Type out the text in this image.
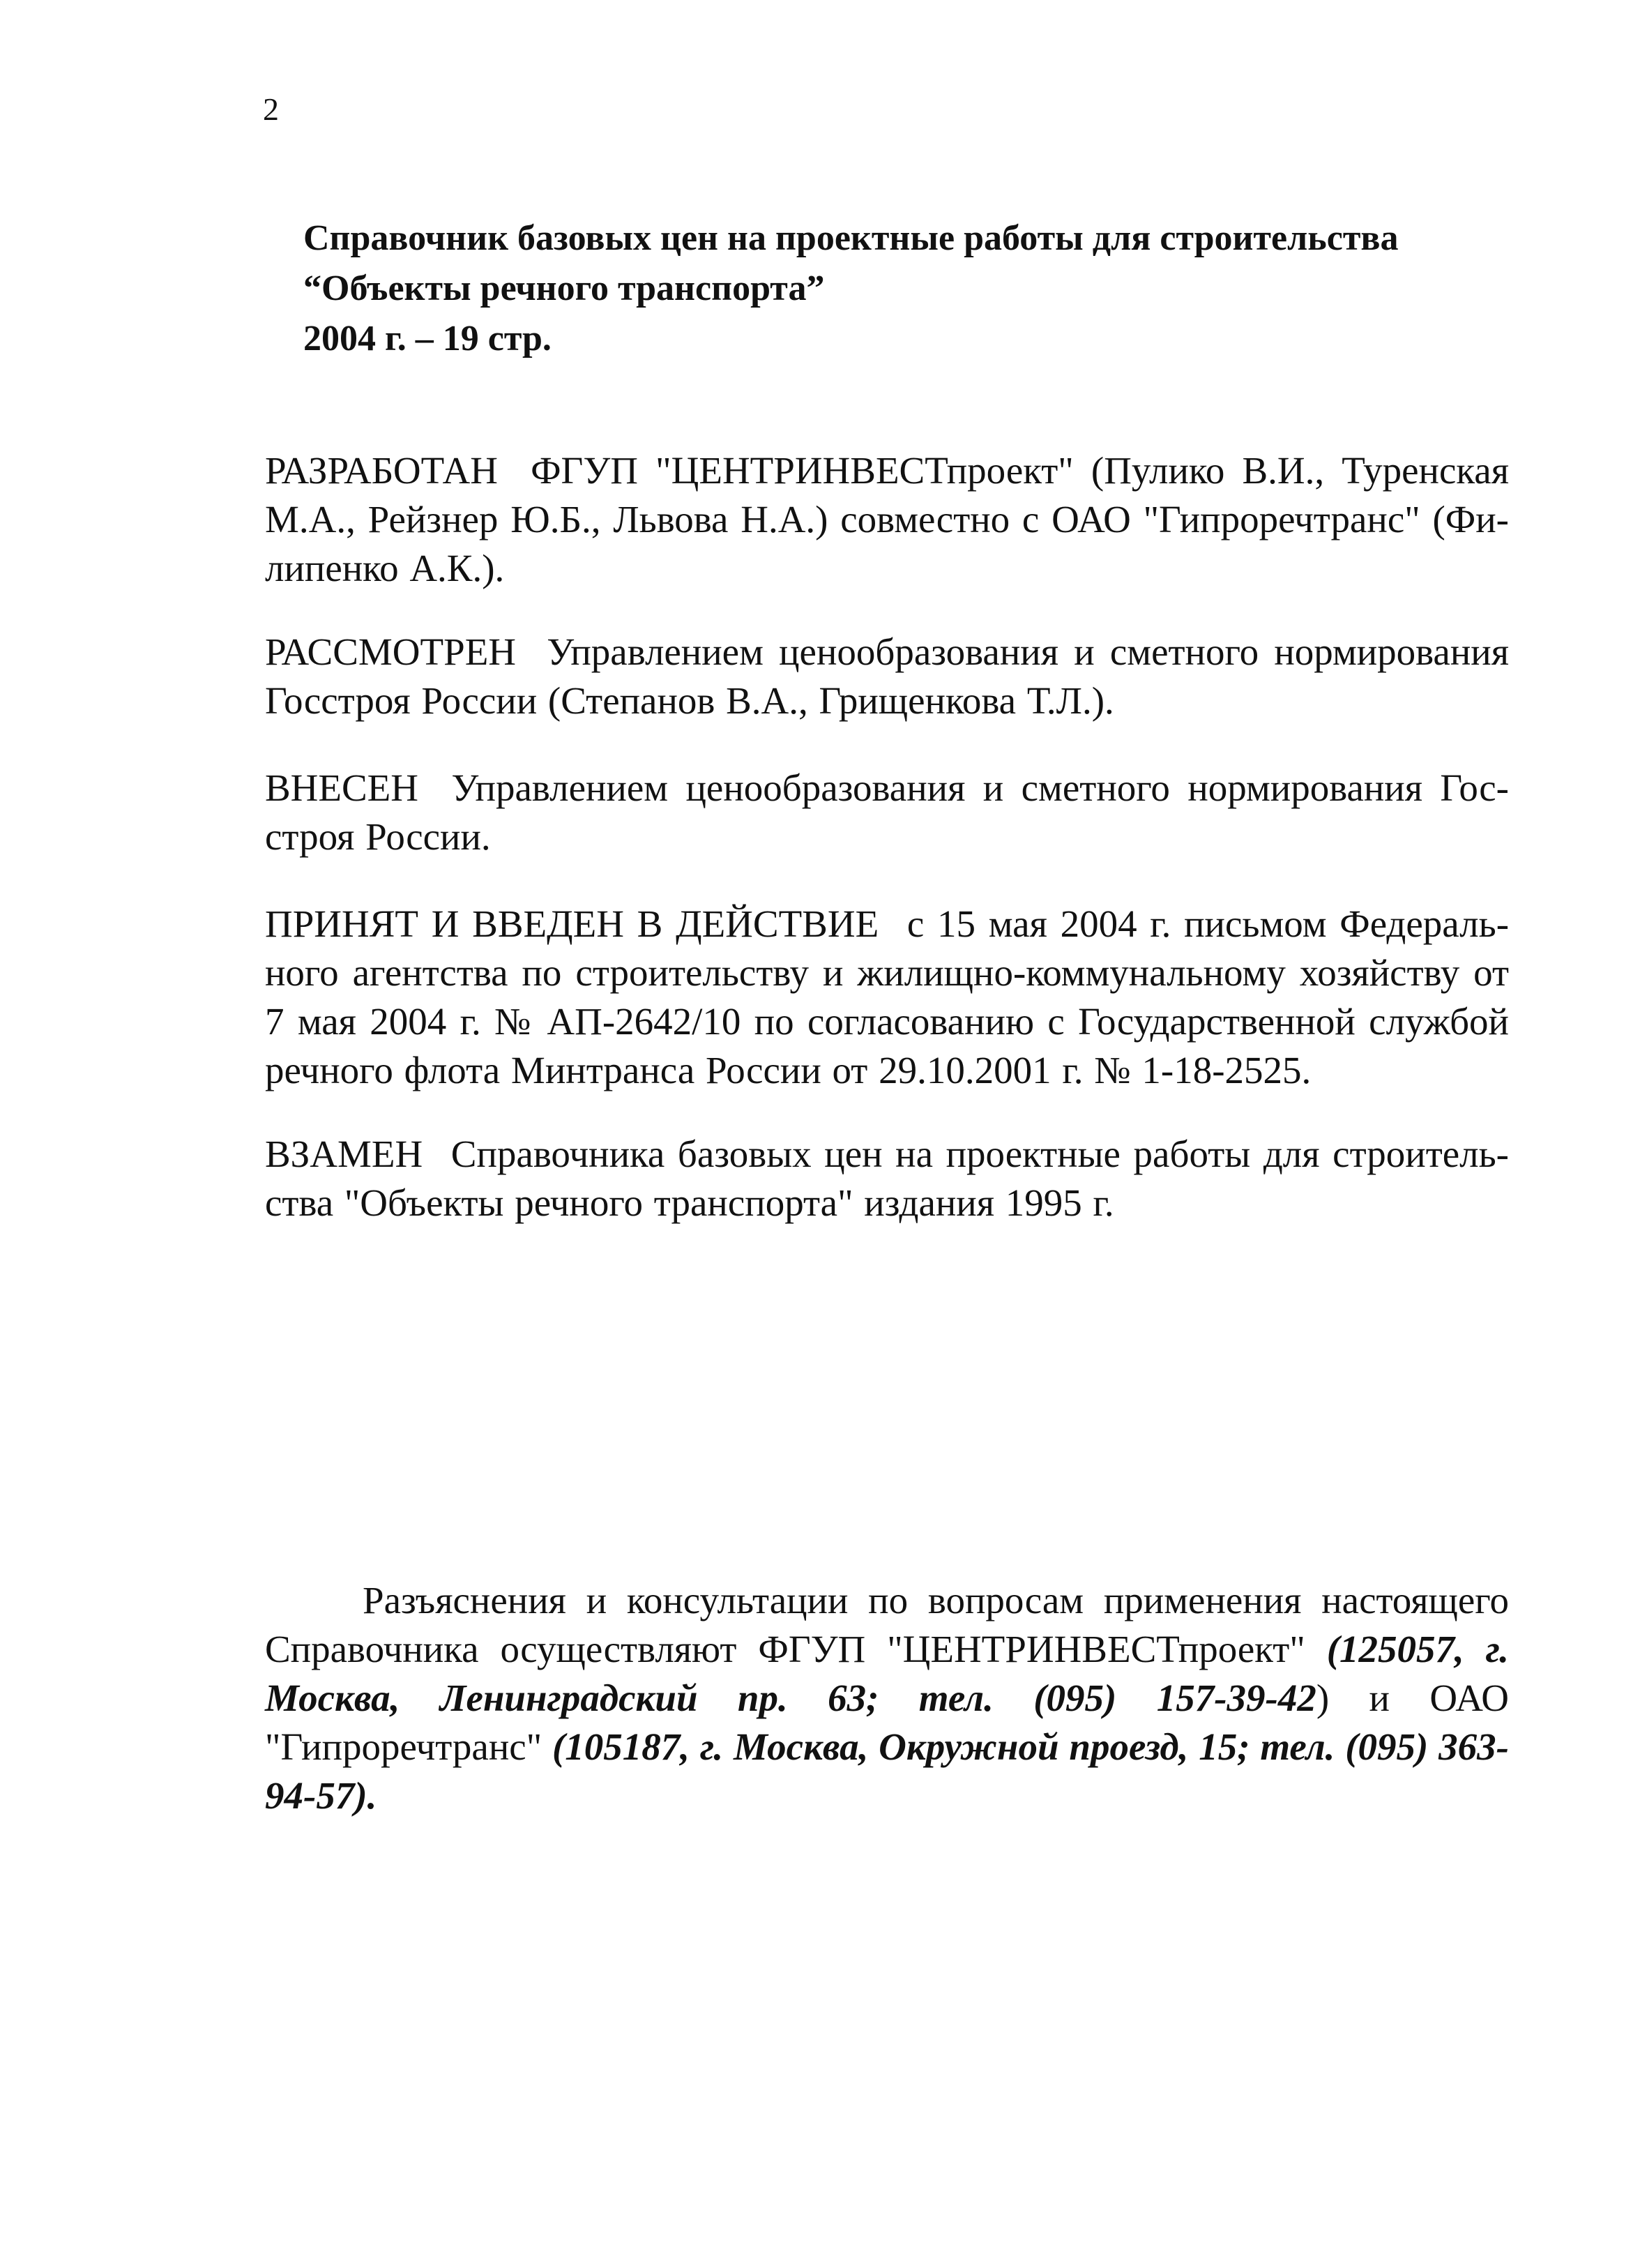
2
Справочник базовых цен на проектные работы для строительства
“Объекты речного транспорта”
2004 г. – 19 стр.
РАЗРАБОТАН ФГУП "ЦЕНТРИНВЕСТпроект" (Пулико В.И., Туренская М.А., Рейзнер Ю.Б., Львова Н.А.) совместно с ОАО "Гипроречтранс" (Фи-липенко А.К.).
РАССМОТРЕН Управлением ценообразования и сметного нормирования Госстроя России (Степанов В.А., Грищенкова Т.Л.).
ВНЕСЕН Управлением ценообразования и сметного нормирования Гос-строя России.
ПРИНЯТ И ВВЕДЕН В ДЕЙСТВИЕ с 15 мая 2004 г. письмом Федераль-ного агентства по строительству и жилищно-коммунальному хозяйству от 7 мая 2004 г. № АП-2642/10 по согласованию с Государственной службой речного флота Минтранса России от 29.10.2001 г. № 1-18-2525.
ВЗАМЕН Справочника базовых цен на проектные работы для строитель-ства "Объекты речного транспорта" издания 1995 г.
Разъяснения и консультации по вопросам применения настоящего Справочника осуществляют ФГУП "ЦЕНТРИНВЕСТпроект" (125057, г. Москва, Ленинградский пр. 63; тел. (095) 157-39-42) и ОАО "Гипроречтранс" (105187, г. Москва, Окружной проезд, 15; тел. (095) 363-94-57).
